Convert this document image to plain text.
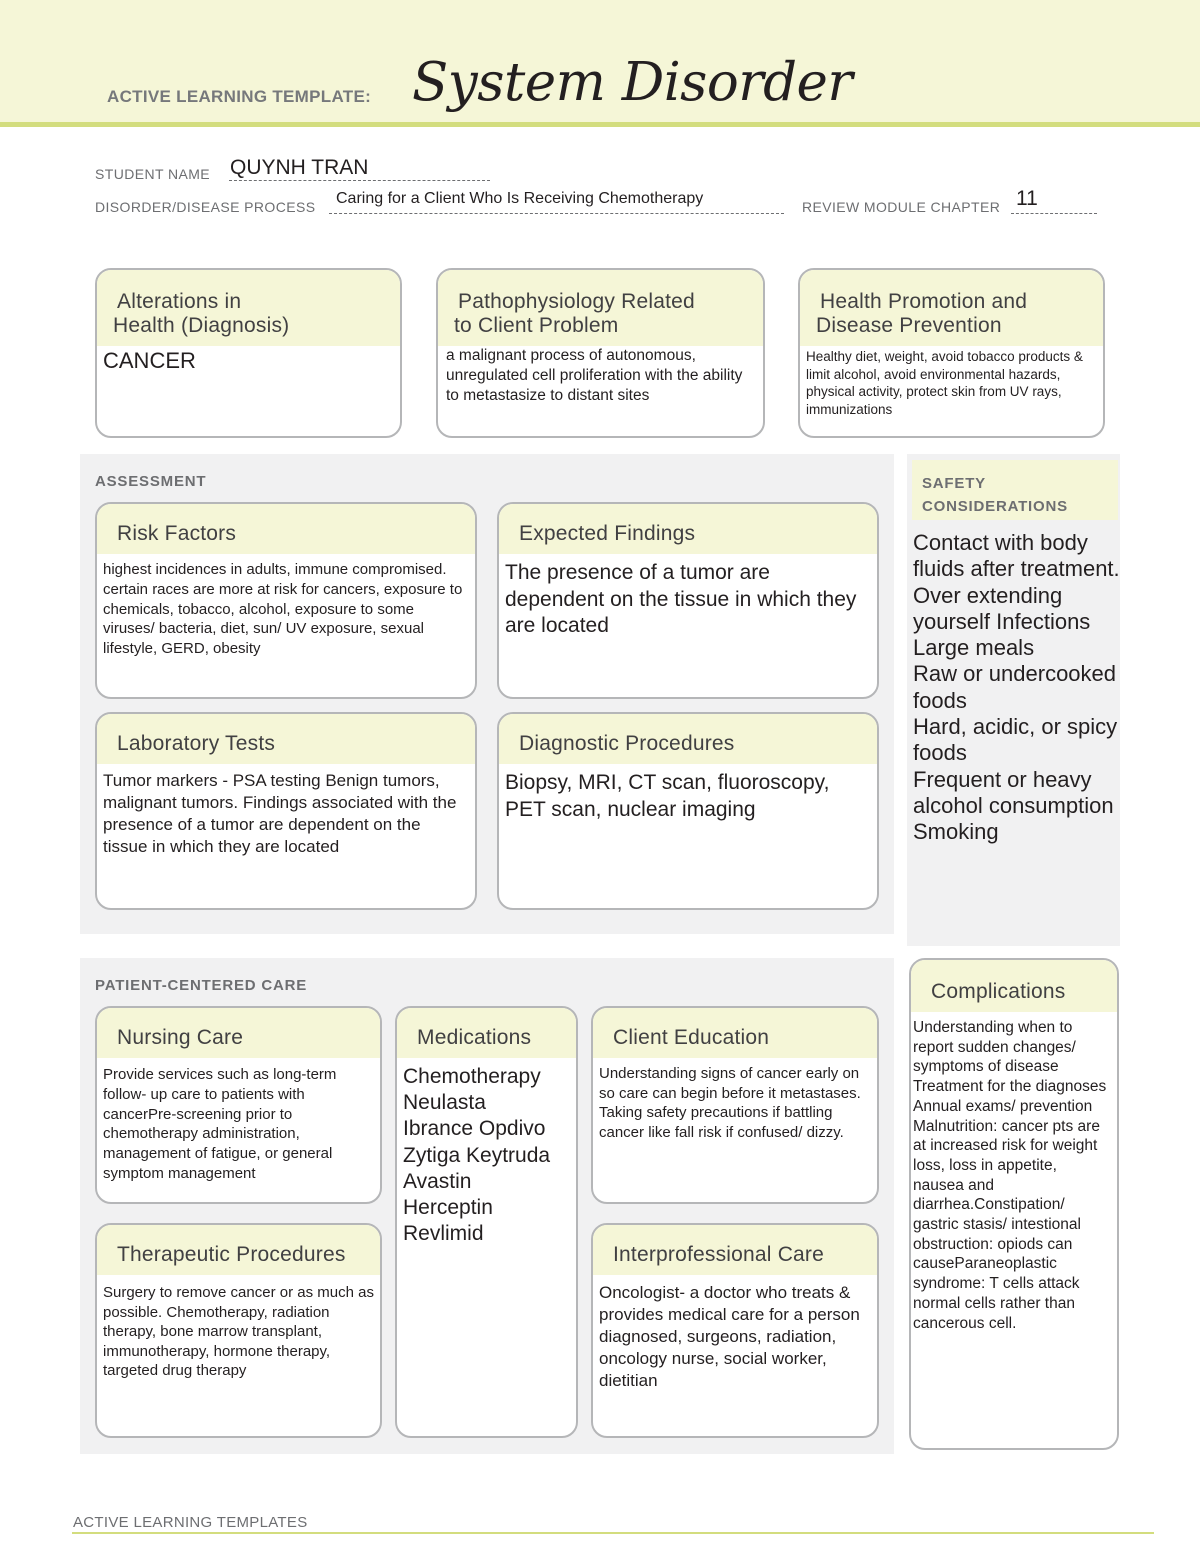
ACTIVE LEARNING TEMPLATE: System Disorder
STUDENT NAME QUYNH TRAN
DISORDER/DISEASE PROCESS Caring for a Client Who Is Receiving Chemotherapy	REVIEW MODULE CHAPTER 11
Alterations in
Health (Diagnosis)
CANCER
Pathophysiology Related
to Client Problem
a malignant process of autonomous, unregulated cell proliferation with the ability to metastasize to distant sites
Health Promotion and
Disease Prevention
Healthy diet, weight, avoid tobacco products & limit alcohol, avoid environmental hazards, physical activity, protect skin from UV rays, immunizations
ASSESSMENT
Risk Factors
highest incidences in adults, immune compromised. certain races are more at risk for cancers, exposure to chemicals, tobacco, alcohol, exposure to some viruses/ bacteria, diet, sun/ UV exposure, sexual lifestyle, GERD, obesity
Expected Findings
The presence of a tumor are dependent on the tissue in which they are located
Laboratory Tests
Tumor markers - PSA testing Benign tumors, malignant tumors. Findings associated with the presence of a tumor are dependent on the tissue in which they are located
Diagnostic Procedures
Biopsy, MRI, CT scan, fluoroscopy, PET scan, nuclear imaging
SAFETY
CONSIDERATIONS
Contact with body fluids after treatment.
Over extending yourself Infections
Large meals
Raw or undercooked foods
Hard, acidic, or spicy foods
Frequent or heavy alcohol consumption
Smoking
PATIENT-CENTERED CARE
Nursing Care
Provide services such as long-term follow- up care to patients with cancerPre-screening prior to chemotherapy administration, management of fatigue, or general symptom management
Medications
Chemotherapy
Neulasta
Ibrance Opdivo
Zytiga Keytruda
Avastin
Herceptin
Revlimid
Client Education
Understanding signs of cancer early on so care can begin before it metastases. Taking safety precautions if battling cancer like fall risk if confused/ dizzy.
Therapeutic Procedures
Surgery to remove cancer or as much as possible. Chemotherapy, radiation therapy, bone marrow transplant, immunotherapy, hormone therapy, targeted drug therapy
Interprofessional Care
Oncologist- a doctor who treats & provides medical care for a person diagnosed, surgeons, radiation, oncology nurse, social worker, dietitian
Complications
Understanding when to report sudden changes/ symptoms of disease Treatment for the diagnoses Annual exams/ prevention Malnutrition: cancer pts are at increased risk for weight loss, loss in appetite, nausea and diarrhea.Constipation/ gastric stasis/ intestional obstruction: opiods can causeParaneoplastic syndrome: T cells attack normal cells rather than cancerous cell.
ACTIVE LEARNING TEMPLATES
